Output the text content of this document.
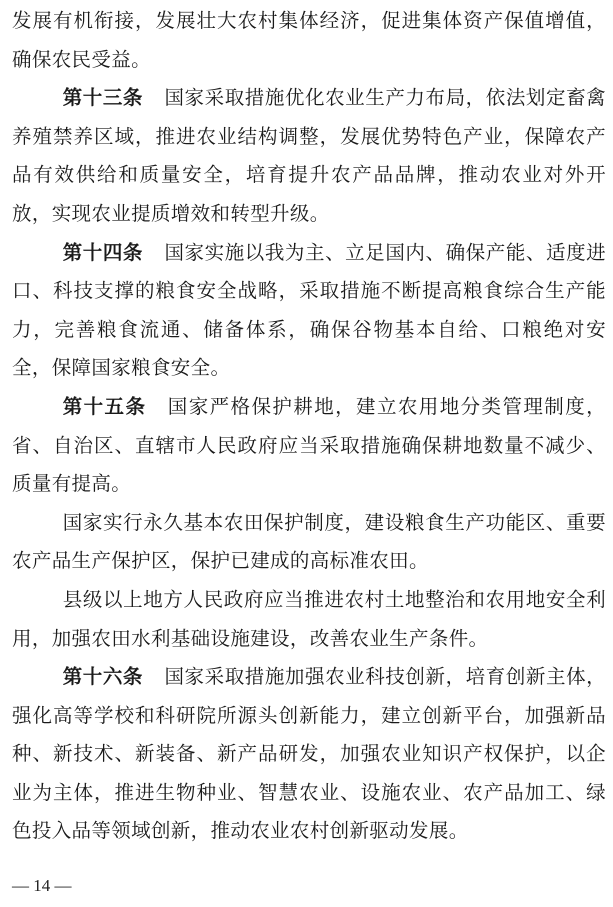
发展有机衔接，发展壮大农村集体经济，促进集体资产保值增值，确保农民受益。

第十三条 国家采取措施优化农业生产力布局，依法划定畜禽养殖禁养区域，推进农业结构调整，发展优势特色产业，保障农产品有效供给和质量安全，培育提升农产品品牌，推动农业对外开放，实现农业提质增效和转型升级。

第十四条 国家实施以我为主、立足国内、确保产能、适度进口、科技支撑的粮食安全战略，采取措施不断提高粮食综合生产能力，完善粮食流通、储备体系，确保谷物基本自给、口粮绝对安全，保障国家粮食安全。

第十五条 国家严格保护耕地，建立农用地分类管理制度，省、自治区、直辖市人民政府应当采取措施确保耕地数量不减少、质量有提高。

国家实行永久基本农田保护制度，建设粮食生产功能区、重要农产品生产保护区，保护已建成的高标准农田。

县级以上地方人民政府应当推进农村土地整治和农用地安全利用，加强农田水利基础设施建设，改善农业生产条件。

第十六条 国家采取措施加强农业科技创新，培育创新主体，强化高等学校和科研院所源头创新能力，建立创新平台，加强新品种、新技术、新装备、新产品研发，加强农业知识产权保护，以企业为主体，推进生物种业、智慧农业、设施农业、农产品加工、绿色投入品等领域创新，推动农业农村创新驱动发展。

— 14 —
